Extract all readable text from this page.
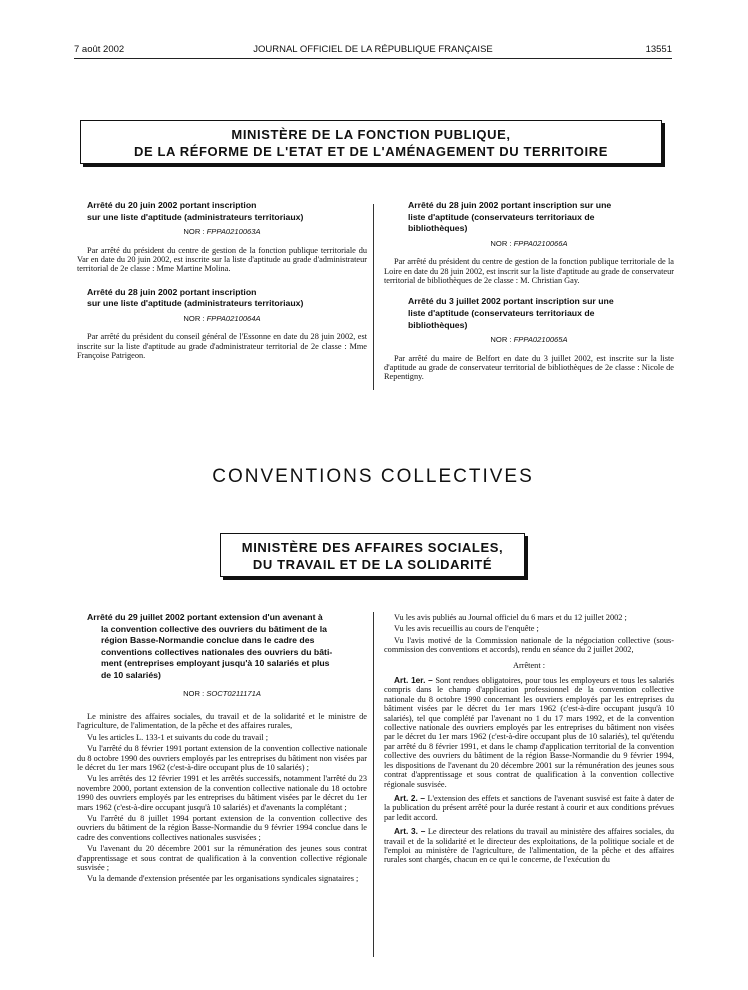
7 août 2002	JOURNAL OFFICIEL DE LA RÉPUBLIQUE FRANÇAISE	13551
MINISTÈRE DE LA FONCTION PUBLIQUE,
DE LA RÉFORME DE L'ETAT ET DE L'AMÉNAGEMENT DU TERRITOIRE

Arrêté du 20 juin 2002 portant inscription

sur une liste d'aptitude (administrateurs territoriaux)

NOR : FPPA0210063A

Par arrêté du président du centre de gestion de la fonction publique territoriale du Var en date du 20 juin 2002, est inscrite sur la liste d'aptitude au grade d'administrateur territorial de 2e classe : Mme Martine Molina.

Arrêté du 28 juin 2002 portant inscription

sur une liste d'aptitude (administrateurs territoriaux)

NOR : FPPA0210064A

Par arrêté du président du conseil général de l'Essonne en date du 28 juin 2002, est inscrite sur la liste d'aptitude au grade d'administrateur territorial de 2e classe : Mme Françoise Patrigeon.

Arrêté du 28 juin 2002 portant inscription sur une

liste d'aptitude (conservateurs territoriaux de

bibliothèques)

NOR : FPPA0210066A

Par arrêté du président du centre de gestion de la fonction publique territoriale de la Loire en date du 28 juin 2002, est inscrit sur la liste d'aptitude au grade de conservateur territorial de bibliothèques de 2e classe : M. Christian Gay.

Arrêté du 3 juillet 2002 portant inscription sur une

liste d'aptitude (conservateurs territoriaux de

bibliothèques)

NOR : FPPA0210065A

Par arrêté du maire de Belfort en date du 3 juillet 2002, est inscrite sur la liste d'aptitude au grade de conservateur territorial de bibliothèques de 2e classe : Nicole de Repentigny.

CONVENTIONS COLLECTIVES
MINISTÈRE DES AFFAIRES SOCIALES,
DU TRAVAIL ET DE LA SOLIDARITÉ

Arrêté du 29 juillet 2002 portant extension d'un avenant à

la convention collective des ouvriers du bâtiment de la

région Basse-Normandie conclue dans le cadre des

conventions collectives nationales des ouvriers du bâti-

ment (entreprises employant jusqu'à 10 salariés et plus

de 10 salariés)

NOR : SOCT0211171A

Le ministre des affaires sociales, du travail et de la solidarité et le ministre de l'agriculture, de l'alimentation, de la pêche et des affaires rurales,

Vu les articles L. 133-1 et suivants du code du travail ;

Vu l'arrêté du 8 février 1991 portant extension de la convention collective nationale du 8 octobre 1990 des ouvriers employés par les entreprises du bâtiment non visées par le décret du 1er mars 1962 (c'est-à-dire occupant plus de 10 salariés) ;

Vu les arrêtés des 12 février 1991 et les arrêtés successifs, notamment l'arrêté du 23 novembre 2000, portant extension de la convention collective nationale du 18 octobre 1990 des ouvriers employés par les entreprises du bâtiment visées par le décret du 1er mars 1962 (c'est-à-dire occupant jusqu'à 10 salariés) et d'avenants la complétant ;

Vu l'arrêté du 8 juillet 1994 portant extension de la convention collective des ouvriers du bâtiment de la région Basse-Normandie du 9 février 1994 conclue dans le cadre des conventions collectives nationales susvisées ;

Vu l'avenant du 20 décembre 2001 sur la rémunération des jeunes sous contrat d'apprentissage et sous contrat de qualification à la convention collective régionale susvisée ;

Vu la demande d'extension présentée par les organisations syndicales signataires ;

Vu les avis publiés au Journal officiel du 6 mars et du 12 juillet 2002 ;

Vu les avis recueillis au cours de l'enquête ;

Vu l'avis motivé de la Commission nationale de la négociation collective (sous-commission des conventions et accords), rendu en séance du 2 juillet 2002,

Arrêtent :

Art. 1er. – Sont rendues obligatoires, pour tous les employeurs et tous les salariés compris dans le champ d'application professionnel de la convention collective nationale du 8 octobre 1990 concernant les ouvriers employés par les entreprises du bâtiment visées par le décret du 1er mars 1962 (c'est-à-dire occupant jusqu'à 10 salariés), tel que complété par l'avenant no 1 du 17 mars 1992, et de la convention collective nationale des ouvriers employés par les entreprises du bâtiment non visées par le décret du 1er mars 1962 (c'est-à-dire occupant plus de 10 salariés), tel qu'étendu par arrêté du 8 février 1991, et dans le champ d'application territorial de la convention collective des ouvriers du bâtiment de la région Basse-Normandie du 9 février 1994, les dispositions de l'avenant du 20 décembre 2001 sur la rémunération des jeunes sous contrat d'apprentissage et sous contrat de qualification à la convention collective régionale susvisée.

Art. 2. – L'extension des effets et sanctions de l'avenant susvisé est faite à dater de la publication du présent arrêté pour la durée restant à courir et aux conditions prévues par ledit accord.

Art. 3. – Le directeur des relations du travail au ministère des affaires sociales, du travail et de la solidarité et le directeur des exploitations, de la politique sociale et de l'emploi au ministère de l'agriculture, de l'alimentation, de la pêche et des affaires rurales sont chargés, chacun en ce qui le concerne, de l'exécution du
